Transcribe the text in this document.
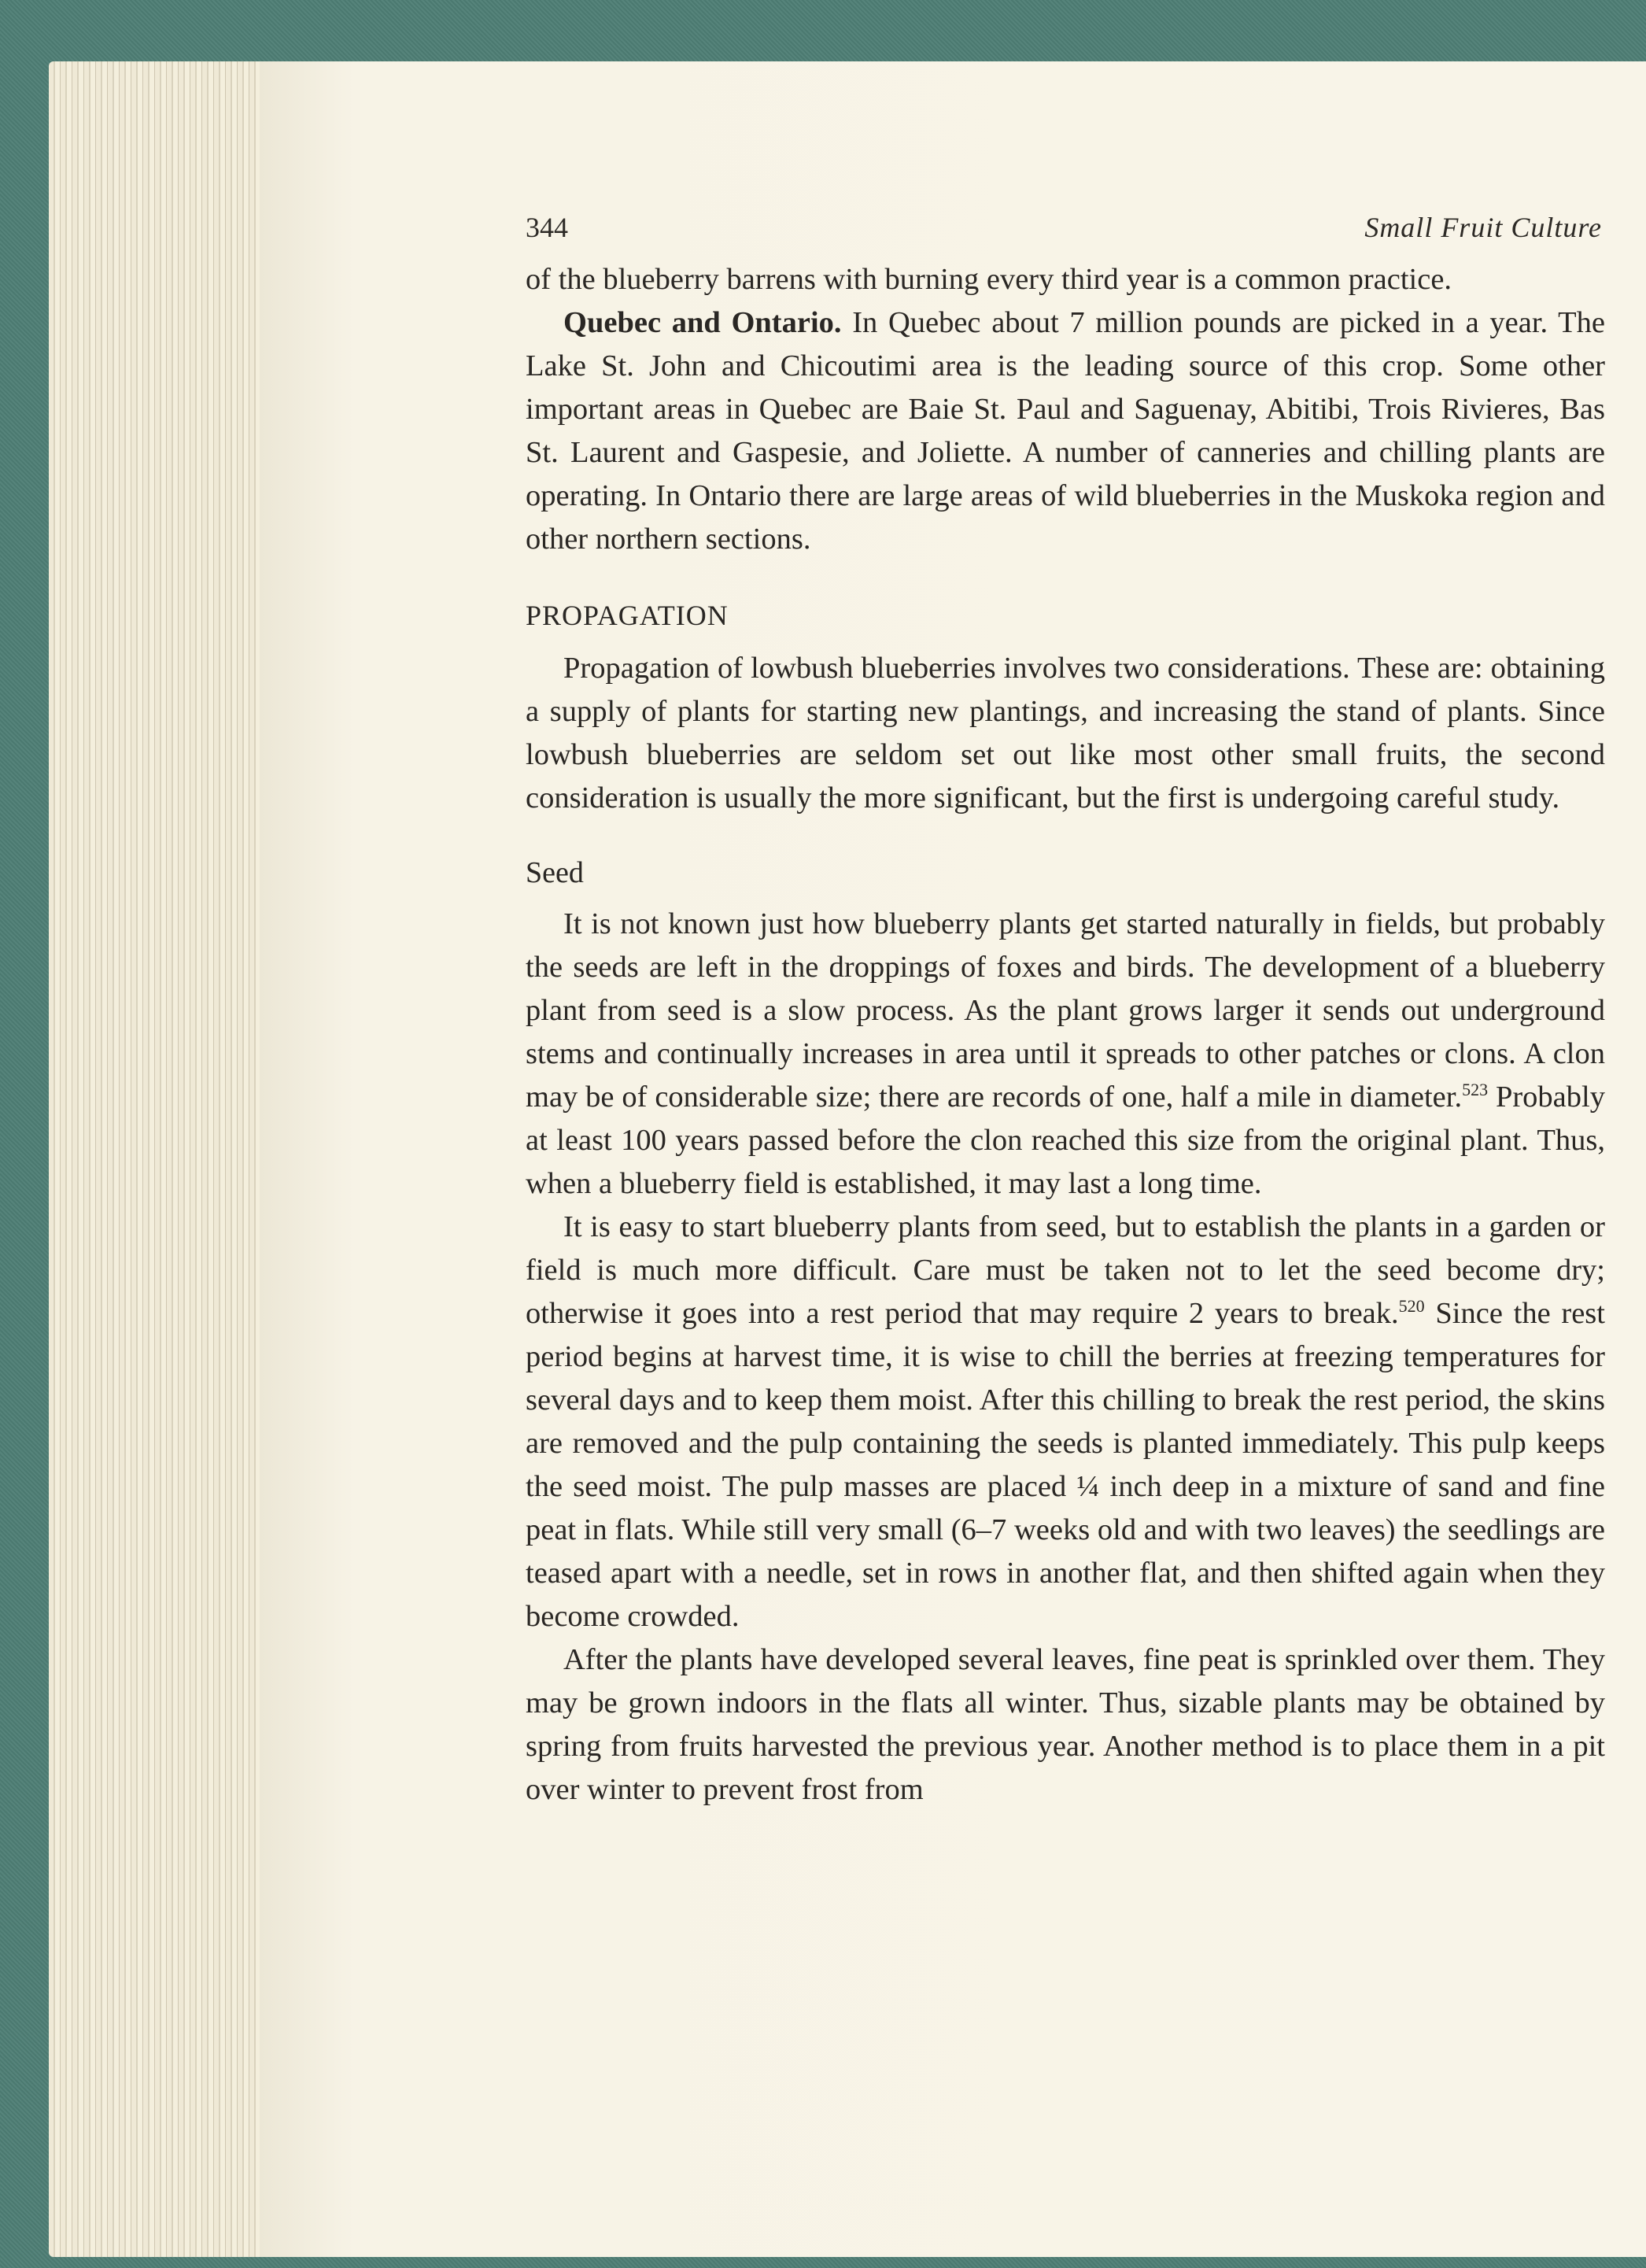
344	Small Fruit Culture

of the blueberry barrens with burning every third year is a common practice.

Quebec and Ontario. In Quebec about 7 million pounds are picked in a year. The Lake St. John and Chicoutimi area is the leading source of this crop. Some other important areas in Quebec are Baie St. Paul and Saguenay, Abitibi, Trois Rivieres, Bas St. Laurent and Gaspesie, and Joliette. A number of canneries and chilling plants are operating. In Ontario there are large areas of wild blueberries in the Muskoka region and other northern sections.

PROPAGATION

Propagation of lowbush blueberries involves two considerations. These are: obtaining a supply of plants for starting new plantings, and increasing the stand of plants. Since lowbush blueberries are seldom set out like most other small fruits, the second consideration is usually the more significant, but the first is undergoing careful study.

Seed

It is not known just how blueberry plants get started naturally in fields, but probably the seeds are left in the droppings of foxes and birds. The development of a blueberry plant from seed is a slow process. As the plant grows larger it sends out underground stems and continually increases in area until it spreads to other patches or clons. A clon may be of considerable size; there are records of one, half a mile in diameter.$^{523}$ Probably at least 100 years passed before the clon reached this size from the original plant. Thus, when a blueberry field is established, it may last a long time.

It is easy to start blueberry plants from seed, but to establish the plants in a garden or field is much more difficult. Care must be taken not to let the seed become dry; otherwise it goes into a rest period that may require 2 years to break.$^{520}$ Since the rest period begins at harvest time, it is wise to chill the berries at freezing temperatures for several days and to keep them moist. After this chilling to break the rest period, the skins are removed and the pulp containing the seeds is planted immediately. This pulp keeps the seed moist. The pulp masses are placed ¼ inch deep in a mixture of sand and fine peat in flats. While still very small (6–7 weeks old and with two leaves) the seedlings are teased apart with a needle, set in rows in another flat, and then shifted again when they become crowded.

After the plants have developed several leaves, fine peat is sprinkled over them. They may be grown indoors in the flats all winter. Thus, sizable plants may be obtained by spring from fruits harvested the previous year. Another method is to place them in a pit over winter to prevent frost from
